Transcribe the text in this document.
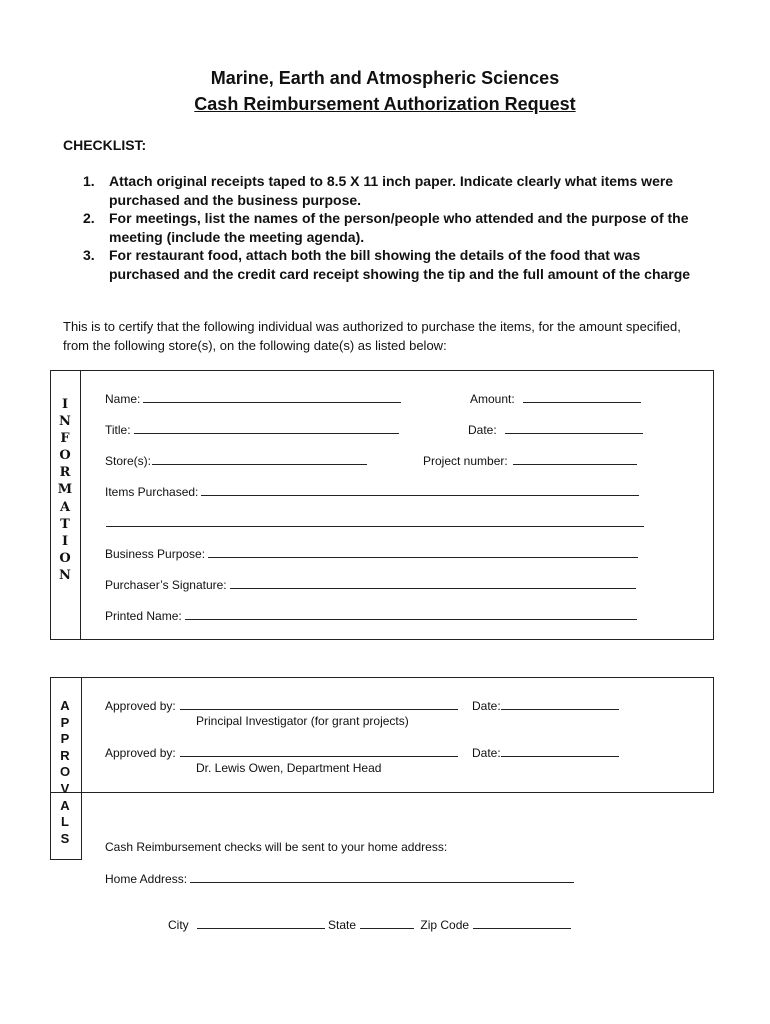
Marine, Earth and Atmospheric Sciences
Cash Reimbursement Authorization Request
CHECKLIST:
1. Attach original receipts taped to 8.5 X 11 inch paper. Indicate clearly what items were purchased and the business purpose.
2. For meetings, list the names of the person/people who attended and the purpose of the meeting (include the meeting agenda).
3. For restaurant food, attach both the bill showing the details of the food that was purchased and the credit card receipt showing the tip and the full amount of the charge
This is to certify that the following individual was authorized to purchase the items, for the amount specified, from the following store(s), on the following date(s) as listed below:
I
N
F
O
R
M
A
T
I
O
N
Name:	Amount:
Title:	Date:
Store(s):	Project number:
Items Purchased:
Business Purpose:
Purchaser’s Signature:
Printed Name:
A
P
P
R
O
V
A
L
S
Approved by:	Date:
Principal Investigator (for grant projects)
Approved by:	Date:
Dr. Lewis Owen, Department Head
Cash Reimbursement checks will be sent to your home address:
Home Address:
City	State	Zip Code
